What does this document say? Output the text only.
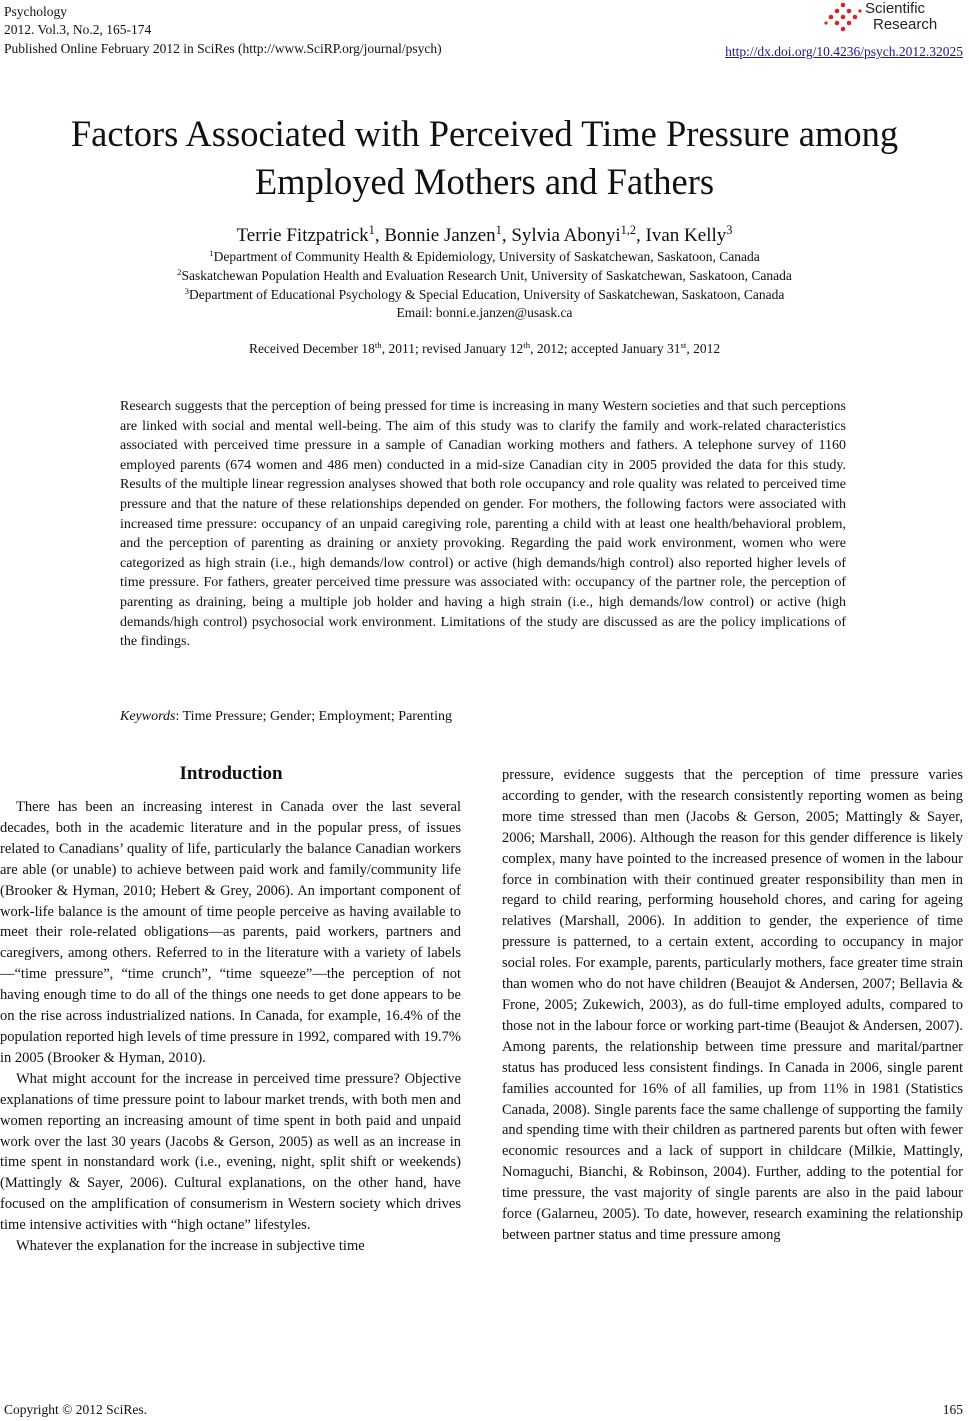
Psychology
2012. Vol.3, No.2, 165-174
Published Online February 2012 in SciRes (http://www.SciRP.org/journal/psych)	http://dx.doi.org/10.4236/psych.2012.32025
Scientific
Research
Factors Associated with Perceived Time Pressure among
Employed Mothers and Fathers
Terrie Fitzpatrick$^1$, Bonnie Janzen$^1$, Sylvia Abonyi$^{1,2}$, Ivan Kelly$^3$
$^1$Department of Community Health & Epidemiology, University of Saskatchewan, Saskatoon, Canada
$^2$Saskatchewan Population Health and Evaluation Research Unit, University of Saskatchewan, Saskatoon, Canada
$^3$Department of Educational Psychology & Special Education, University of Saskatchewan, Saskatoon, Canada
Email: bonni.e.janzen@usask.ca
Received December 18th, 2011; revised January 12th, 2012; accepted January 31st, 2012

Research suggests that the perception of being pressed for time is increasing in many Western societies and that such perceptions are linked with social and mental well-being. The aim of this study was to clarify the family and work-related characteristics associated with perceived time pressure in a sample of Canadian working mothers and fathers. A telephone survey of 1160 employed parents (674 women and 486 men) conducted in a mid-size Canadian city in 2005 provided the data for this study. Results of the multiple linear regression analyses showed that both role occupancy and role quality was related to perceived time pressure and that the nature of these relationships depended on gender. For mothers, the following factors were associated with increased time pressure: occupancy of an unpaid caregiving role, parenting a child with at least one health/behavioral problem, and the perception of parenting as draining or anxiety provoking. Regarding the paid work environment, women who were categorized as high strain (i.e., high demands/low control) or active (high demands/high control) also reported higher levels of time pressure. For fathers, greater perceived time pressure was associated with: occupancy of the partner role, the perception of parenting as draining, being a multiple job holder and having a high strain (i.e., high demands/low control) or active (high demands/high control) psychosocial work environment. Limitations of the study are discussed as are the policy implications of the findings.

Keywords: Time Pressure; Gender; Employment; Parenting
Introduction

There has been an increasing interest in Canada over the last several decades, both in the academic literature and in the popular press, of issues related to Canadians’ quality of life, particularly the balance Canadian workers are able (or unable) to achieve between paid work and family/community life (Brooker & Hyman, 2010; Hebert & Grey, 2006). An important component of work-life balance is the amount of time people perceive as having available to meet their role-related obligations—as parents, paid workers, partners and caregivers, among others. Referred to in the literature with a variety of labels—“time pressure”, “time crunch”, “time squeeze”—the perception of not having enough time to do all of the things one needs to get done appears to be on the rise across industrialized nations. In Canada, for example, 16.4% of the population reported high levels of time pressure in 1992, compared with 19.7% in 2005 (Brooker & Hyman, 2010).

What might account for the increase in perceived time pressure? Objective explanations of time pressure point to labour market trends, with both men and women reporting an increasing amount of time spent in both paid and unpaid work over the last 30 years (Jacobs & Gerson, 2005) as well as an increase in time spent in nonstandard work (i.e., evening, night, split shift or weekends) (Mattingly & Sayer, 2006). Cultural explanations, on the other hand, have focused on the amplification of consumerism in Western society which drives time intensive activities with “high octane” lifestyles.

Whatever the explanation for the increase in subjective time

pressure, evidence suggests that the perception of time pressure varies according to gender, with the research consistently reporting women as being more time stressed than men (Jacobs & Gerson, 2005; Mattingly & Sayer, 2006; Marshall, 2006). Although the reason for this gender difference is likely complex, many have pointed to the increased presence of women in the labour force in combination with their continued greater responsibility than men in regard to child rearing, performing household chores, and caring for ageing relatives (Marshall, 2006). In addition to gender, the experience of time pressure is patterned, to a certain extent, according to occupancy in major social roles. For example, parents, particularly mothers, face greater time strain than women who do not have children (Beaujot & Andersen, 2007; Bellavia & Frone, 2005; Zukewich, 2003), as do full-time employed adults, compared to those not in the labour force or working part-time (Beaujot & Andersen, 2007). Among parents, the relationship between time pressure and marital/partner status has produced less consistent findings. In Canada in 2006, single parent families accounted for 16% of all families, up from 11% in 1981 (Statistics Canada, 2008). Single parents face the same challenge of supporting the family and spending time with their children as partnered parents but often with fewer economic resources and a lack of support in childcare (Milkie, Mattingly, Nomaguchi, Bianchi, & Robinson, 2004). Further, adding to the potential for time pressure, the vast majority of single parents are also in the paid labour force (Galarneu, 2005). To date, however, research examining the relationship between partner status and time pressure among

Copyright © 2012 SciRes.	165
